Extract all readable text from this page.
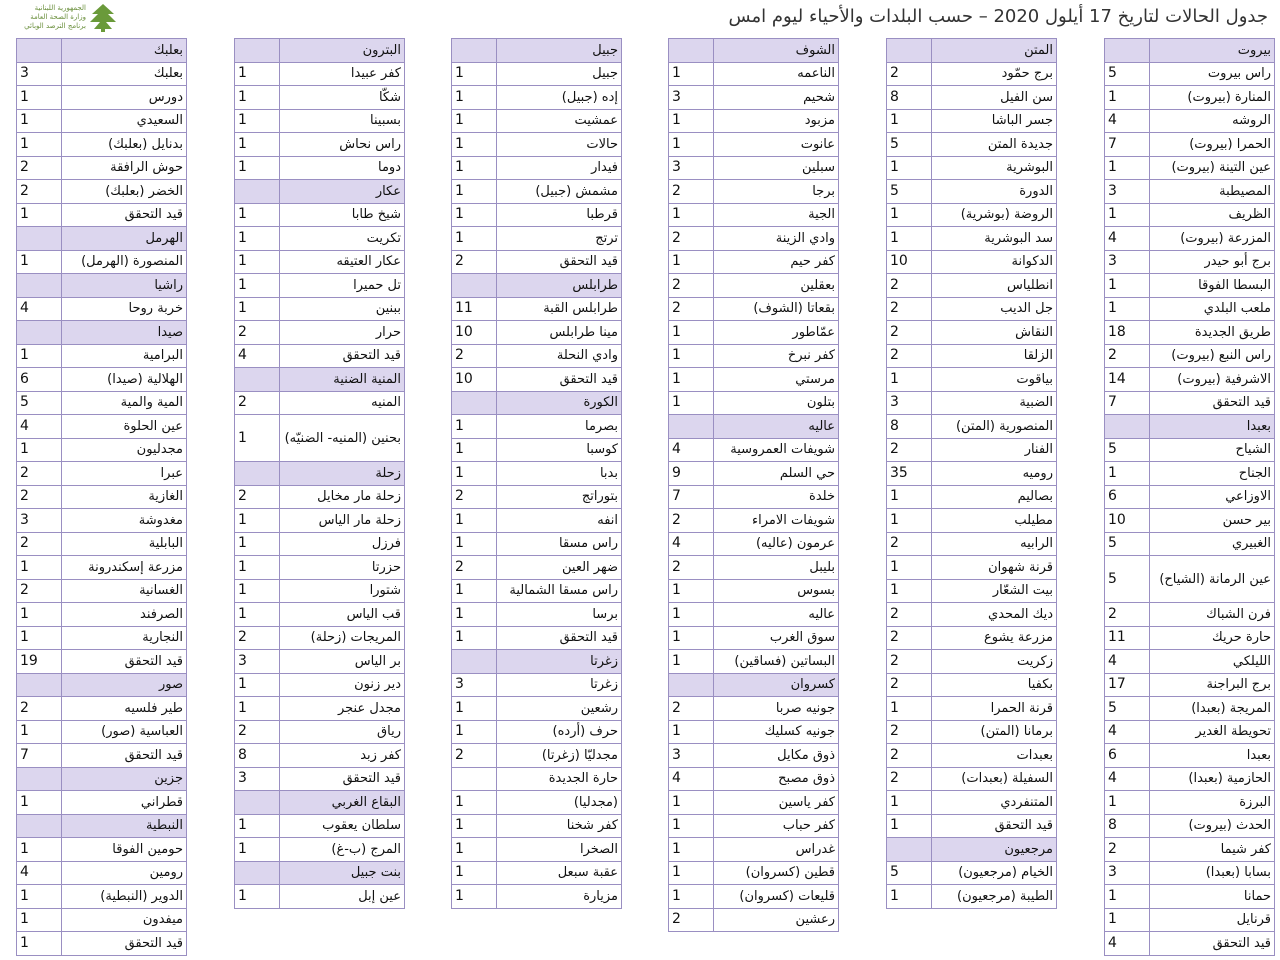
الجمهورية اللبنانية
وزارة الصحة العامة
برنامج الترصد الوبائي	جدول الحالات لتاريخ 17 أيلول 2020 – حسب البلدات والأحياء ليوم امس
بيروت	
راس بيروت	5
المنارة (بيروت)	1
الروشه	4
الحمرا (بيروت)	7
عين التينة (بيروت)	1
المصيطبة	3
الظريف	1
المزرعة (بيروت)	4
برج أبو حيدر	3
البسطا الفوقا	1
ملعب البلدي	1
طريق الجديدة	18
راس النبع (بيروت)	2
الاشرفية (بيروت)	14
قيد التحقق	7
بعبدا	
الشياح	5
الجناح	1
الاوزاعي	6
بير حسن	10
الغبيري	5
عين الرمانة (الشياح)	5
فرن الشباك	2
حارة حريك	11
الليلكي	4
برج البراجنة	17
المريجة (بعبدا)	5
تحويطة الغدير	4
بعبدا	6
الحازمية (بعبدا)	4
البرزة	1
الحدث (بيروت)	8
كفر شيما	2
بسابا (بعبدا)	3
حمانا	1
قرنايل	1
قيد التحقق	4
المتن	
برج حمّود	2
سن الفيل	8
جسر الباشا	1
جديدة المتن	5
البوشرية	1
الدورة	5
الروضة (بوشرية)	1
سد البوشرية	1
الدكوانة	10
انطلياس	2
جل الديب	2
النقاش	2
الزلقا	2
بياقوت	1
الضبية	3
المنصورية (المتن)	8
الفنار	2
روميه	35
بصاليم	1
مطيلب	1
الرابيه	2
قرنة شهوان	1
بيت الشعّار	1
ديك المحدي	2
مزرعة يشوع	2
زكريت	2
بكفيا	2
قرنة الحمرا	1
برمانا (المتن)	2
بعبدات	2
السفيلة (بعبدات)	2
المتنفردي	1
قيد التحقق	1
مرجعيون	
الخيام (مرجعيون)	5
الطيبة (مرجعيون)	1
الشوف	
الناعمه	1
شحيم	3
مزبود	1
عانوت	1
سبلين	3
برجا	2
الجية	1
وادي الزينة	2
كفر حيم	1
بعقلين	2
بقعاتا (الشوف)	2
عمّاطور	1
كفر نبرخ	1
مرستي	1
بتلون	1
عاليه	
شويفات العمروسية	4
حي السلم	9
خلدة	7
شويفات الامراء	2
عرمون (عاليه)	4
بليبل	2
بسوس	1
عاليه	1
سوق الغرب	1
البساتين (فساقين)	1
كسروان	
جونيه صربا	2
جونيه كسليك	1
ذوق مكايل	3
ذوق مصبح	4
كفر ياسين	1
كفر حباب	1
غدراس	1
قطين (كسروان)	1
قليعات (كسروان)	1
رعشين	2
جبيل	
جبيل	1
إده (جبيل)	1
عمشيت	1
حالات	1
فيدار	1
مشمش (جبيل)	1
قرطبا	1
ترتج	1
قيد التحقق	2
طرابلس	
طرابلس القبة	11
مينا طرابلس	10
وادي النحلة	2
قيد التحقق	10
الكورة	
بصرما	1
كوسبا	1
بدبا	1
بتوراتج	2
انفه	1
راس مسقا	1
ضهر العين	2
راس مسقا الشمالية	1
برسا	1
قيد التحقق	1
زغرتا	
زغرتا	3
رشعين	1
حرف (أرده)	1
مجدليّا (زغرتا)	2
حارة الجديدة	
(مجدليا)	1
كفر شخنا	1
الصخرا	1
عقبة سبعل	1
مزيارة	1
البترون	
كفر عبيدا	1
شكّا	1
بسبينا	1
راس نحاش	1
دوما	1
عكار	
شيخ طابا	1
تكريت	1
عكار العتيقه	1
تل حميرا	1
ببنين	1
حرار	2
قيد التحقق	4
المنية الضنية	
المنيه	2
بحنين (المنيه- الضنيّه)	1
زحلة	
زحلة مار مخايل	2
زحلة مار الياس	1
فرزل	1
حزرتا	1
شتورا	1
قب الياس	1
المريجات (زحلة)	2
بر الياس	3
دير زنون	1
مجدل عنجر	1
رياق	2
كفر زبد	8
قيد التحقق	3
البقاع الغربي	
سلطان يعقوب	1
المرج (ب-غ)	1
بنت جبيل	
عين إبل	1
بعلبك	
بعلبك	3
دورس	1
السعيدي	1
بدنايل (بعلبك)	1
حوش الرافقة	2
الخضر (بعلبك)	2
قيد التحقق	1
الهرمل	
المنصورة (الهرمل)	1
راشيا	
خربة روحا	4
صيدا	
البرامية	1
الهلالية (صيدا)	6
المية والمية	5
عين الحلوة	4
مجدليون	1
عبرا	2
الغازية	2
مغدوشة	3
البابلية	2
مزرعة إسكندرونة	1
الغسانية	2
الصرفند	1
النجارية	1
قيد التحقق	19
صور	
طير فلسيه	2
العباسية (صور)	1
قيد التحقق	7
جزين	
قطراني	1
النبطية	
حومين الفوقا	1
رومين	4
الدوير (النبطية)	1
ميفدون	1
قيد التحقق	1
